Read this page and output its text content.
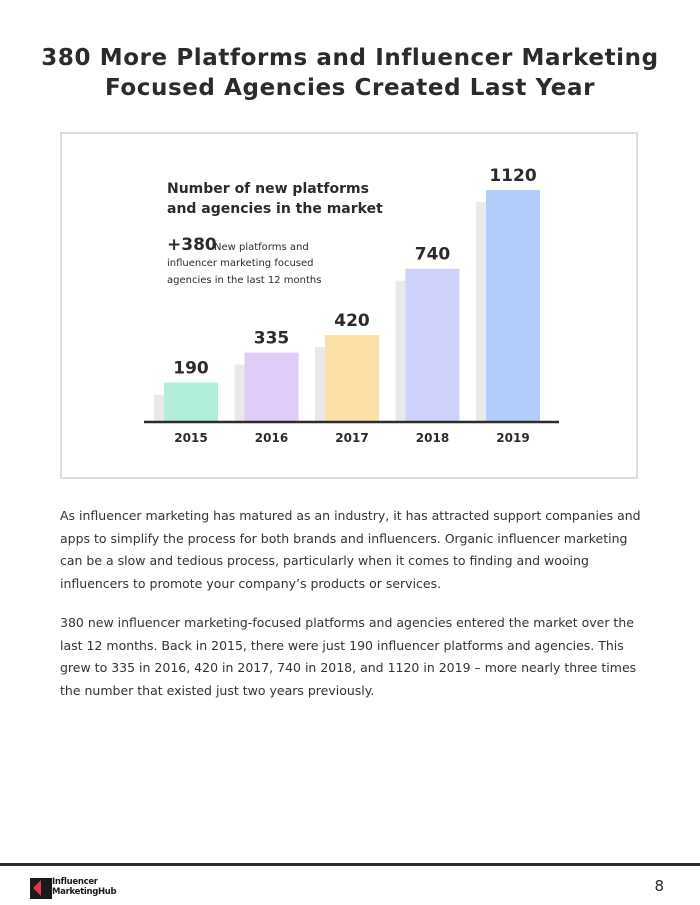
380 More Platforms and Influencer Marketing
Focused Agencies Created Last Year
190
2015
335
2016
420
2017
740
2018
1120
2019
Number of new platforms
and agencies in the market
+380
New platforms and
influencer marketing focused
agencies in the last 12 months
As influencer marketing has matured as an industry, it has attracted support companies and apps to simplify the process for both brands and influencers. Organic influencer marketing can be a slow and tedious process, particularly when it comes to finding and wooing influencers to promote your company’s products or services.
380 new influencer marketing-focused platforms and agencies entered the market over the last 12 months. Back in 2015, there were just 190 influencer platforms and agencies. This grew to 335 in 2016, 420 in 2017, 740 in 2018, and 1120 in 2019 – more nearly three times the number that existed just two years previously.
Influencer
MarketingHub	8
